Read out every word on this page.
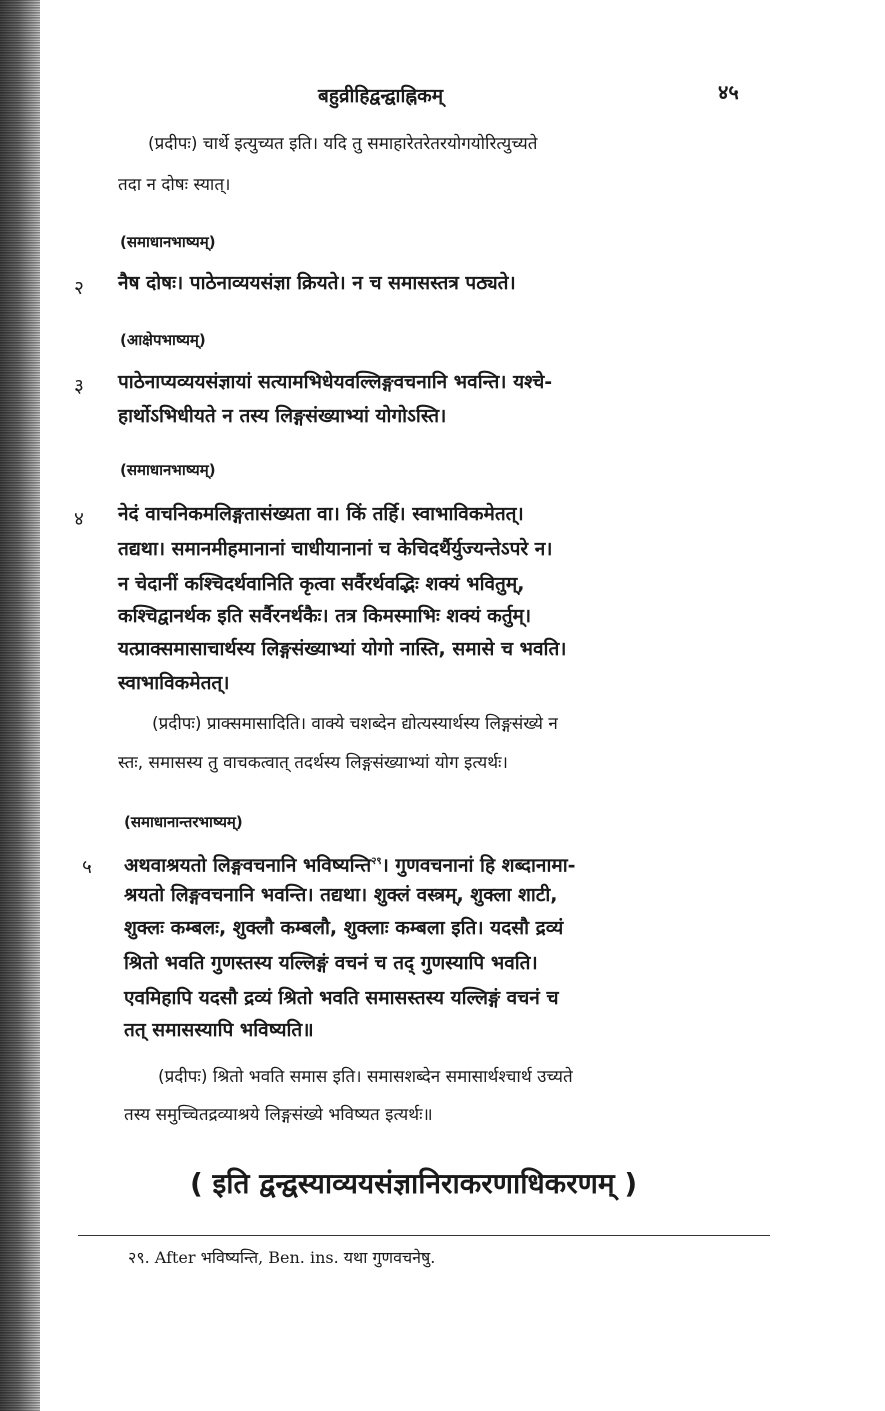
बहुव्रीहिद्वन्द्वाह्निकम्	४५
(प्रदीपः) चार्थे इत्युच्यत इति। यदि तु समाहारेतरेतरयोगयोरित्युच्यते
तदा न दोषः स्यात्।
(समाधानभाष्यम्)
२ नैष दोषः। पाठेनाव्ययसंज्ञा क्रियते। न च समासस्तत्र पठ्यते।
(आक्षेपभाष्यम्)
३ पाठेनाप्यव्ययसंज्ञायां सत्यामभिधेयवल्लिङ्गवचनानि भवन्ति। यश्चे-
हार्थोऽभिधीयते न तस्य लिङ्गसंख्याभ्यां योगोऽस्ति।
(समाधानभाष्यम्)
४ नेदं वाचनिकमलिङ्गतासंख्यता वा। किं तर्हि। स्वाभाविकमेतत्।
तद्यथा। समानमीहमानानां चाधीयानानां च केचिदर्थैर्युज्यन्तेऽपरे न।
न चेदानीं कश्चिदर्थवानिति कृत्वा सर्वैरर्थवद्भिः शक्यं भवितुम्,
कश्चिद्वानर्थक इति सर्वैरनर्थकैः। तत्र किमस्माभिः शक्यं कर्तुम्।
यत्प्राक्समासाचार्थस्य लिङ्गसंख्याभ्यां योगो नास्ति, समासे च भवति।
स्वाभाविकमेतत्।
(प्रदीपः) प्राक्समासादिति। वाक्ये चशब्देन द्योत्यस्यार्थस्य लिङ्गसंख्ये न
स्तः, समासस्य तु वाचकत्वात् तदर्थस्य लिङ्गसंख्याभ्यां योग इत्यर्थः।
(समाधानान्तरभाष्यम्)
५ अथवाश्रयतो लिङ्गवचनानि भविष्यन्ति$^{२९}$। गुणवचनानां हि शब्दानामा-
श्रयतो लिङ्गवचनानि भवन्ति। तद्यथा। शुक्लं वस्त्रम्, शुक्ला शाटी,
शुक्लः कम्बलः, शुक्लौ कम्बलौ, शुक्लाः कम्बला इति। यदसौ द्रव्यं
श्रितो भवति गुणस्तस्य यल्लिङ्गं वचनं च तद् गुणस्यापि भवति।
एवमिहापि यदसौ द्रव्यं श्रितो भवति समासस्तस्य यल्लिङ्गं वचनं च
तत् समासस्यापि भविष्यति॥
(प्रदीपः) श्रितो भवति समास इति। समासशब्देन समासार्थश्चार्थ उच्यते
तस्य समुच्चितद्रव्याश्रये लिङ्गसंख्ये भविष्यत इत्यर्थः॥
( इति द्वन्द्वस्याव्ययसंज्ञानिराकरणाधिकरणम् )
२९. After भविष्यन्ति, Ben. ins. यथा गुणवचनेषु.
